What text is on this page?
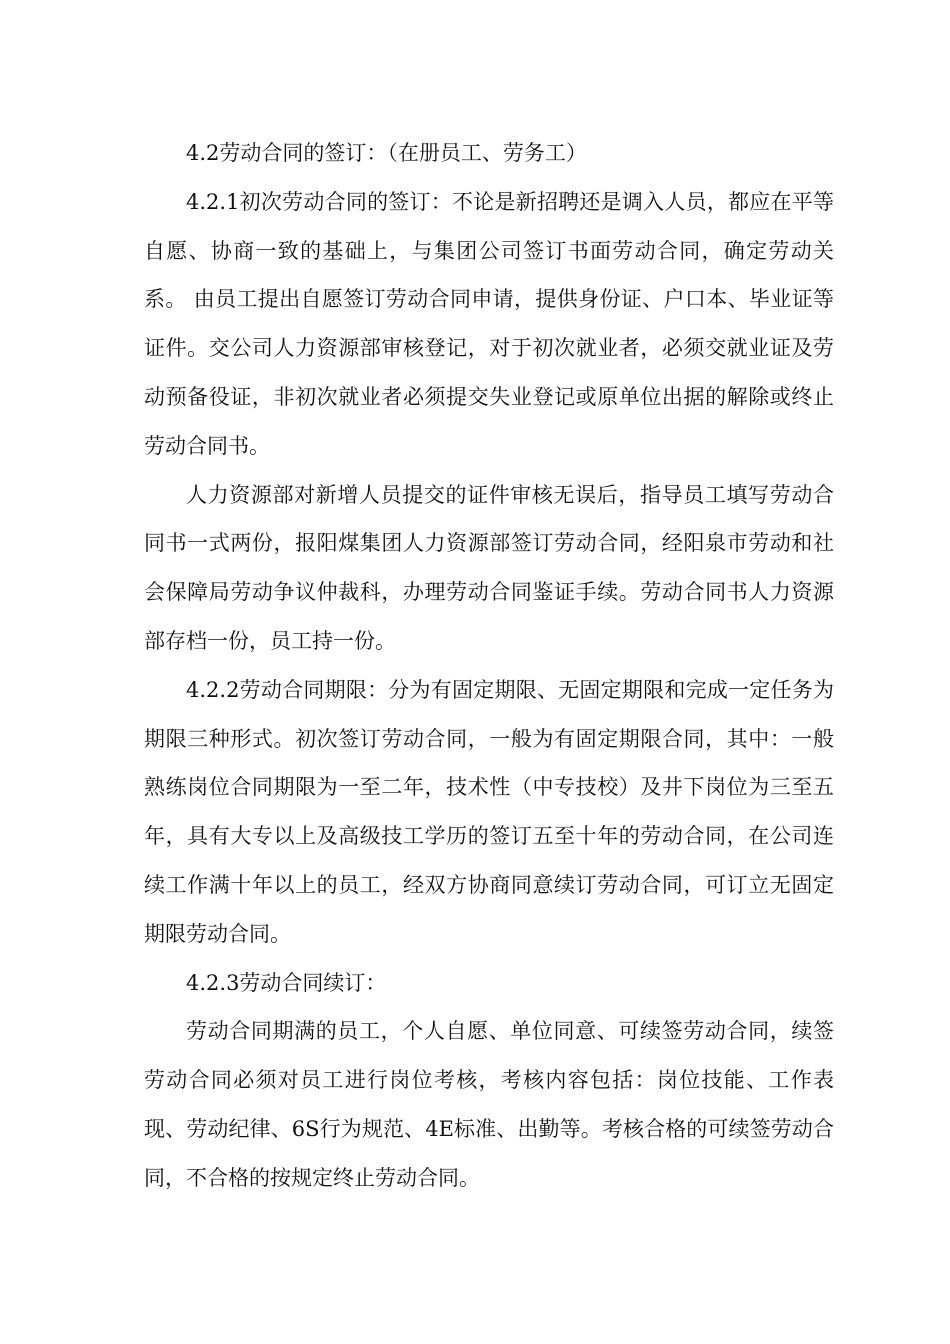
4.2劳动合同的签订：（在册员工、劳务工）

4.2.1初次劳动合同的签订：不论是新招聘还是调入人员，都应在平等自愿、协商一致的基础上，与集团公司签订书面劳动合同，确定劳动关系。 由员工提出自愿签订劳动合同申请，提供身份证、户口本、毕业证等证件。交公司人力资源部审核登记，对于初次就业者，必须交就业证及劳动预备役证，非初次就业者必须提交失业登记或原单位出据的解除或终止劳动合同书。

人力资源部对新增人员提交的证件审核无误后，指导员工填写劳动合同书一式两份，报阳煤集团人力资源部签订劳动合同，经阳泉市劳动和社会保障局劳动争议仲裁科，办理劳动合同鉴证手续。劳动合同书人力资源部存档一份，员工持一份。

4.2.2劳动合同期限：分为有固定期限、无固定期限和完成一定任务为期限三种形式。初次签订劳动合同，一般为有固定期限合同，其中：一般熟练岗位合同期限为一至二年，技术性（中专技校）及井下岗位为三至五年，具有大专以上及高级技工学历的签订五至十年的劳动合同，在公司连续工作满十年以上的员工，经双方协商同意续订劳动合同，可订立无固定期限劳动合同。

4.2.3劳动合同续订：

劳动合同期满的员工，个人自愿、单位同意、可续签劳动合同，续签劳动合同必须对员工进行岗位考核，考核内容包括：岗位技能、工作表现、劳动纪律、6S行为规范、4E标准、出勤等。考核合格的可续签劳动合同，不合格的按规定终止劳动合同。
